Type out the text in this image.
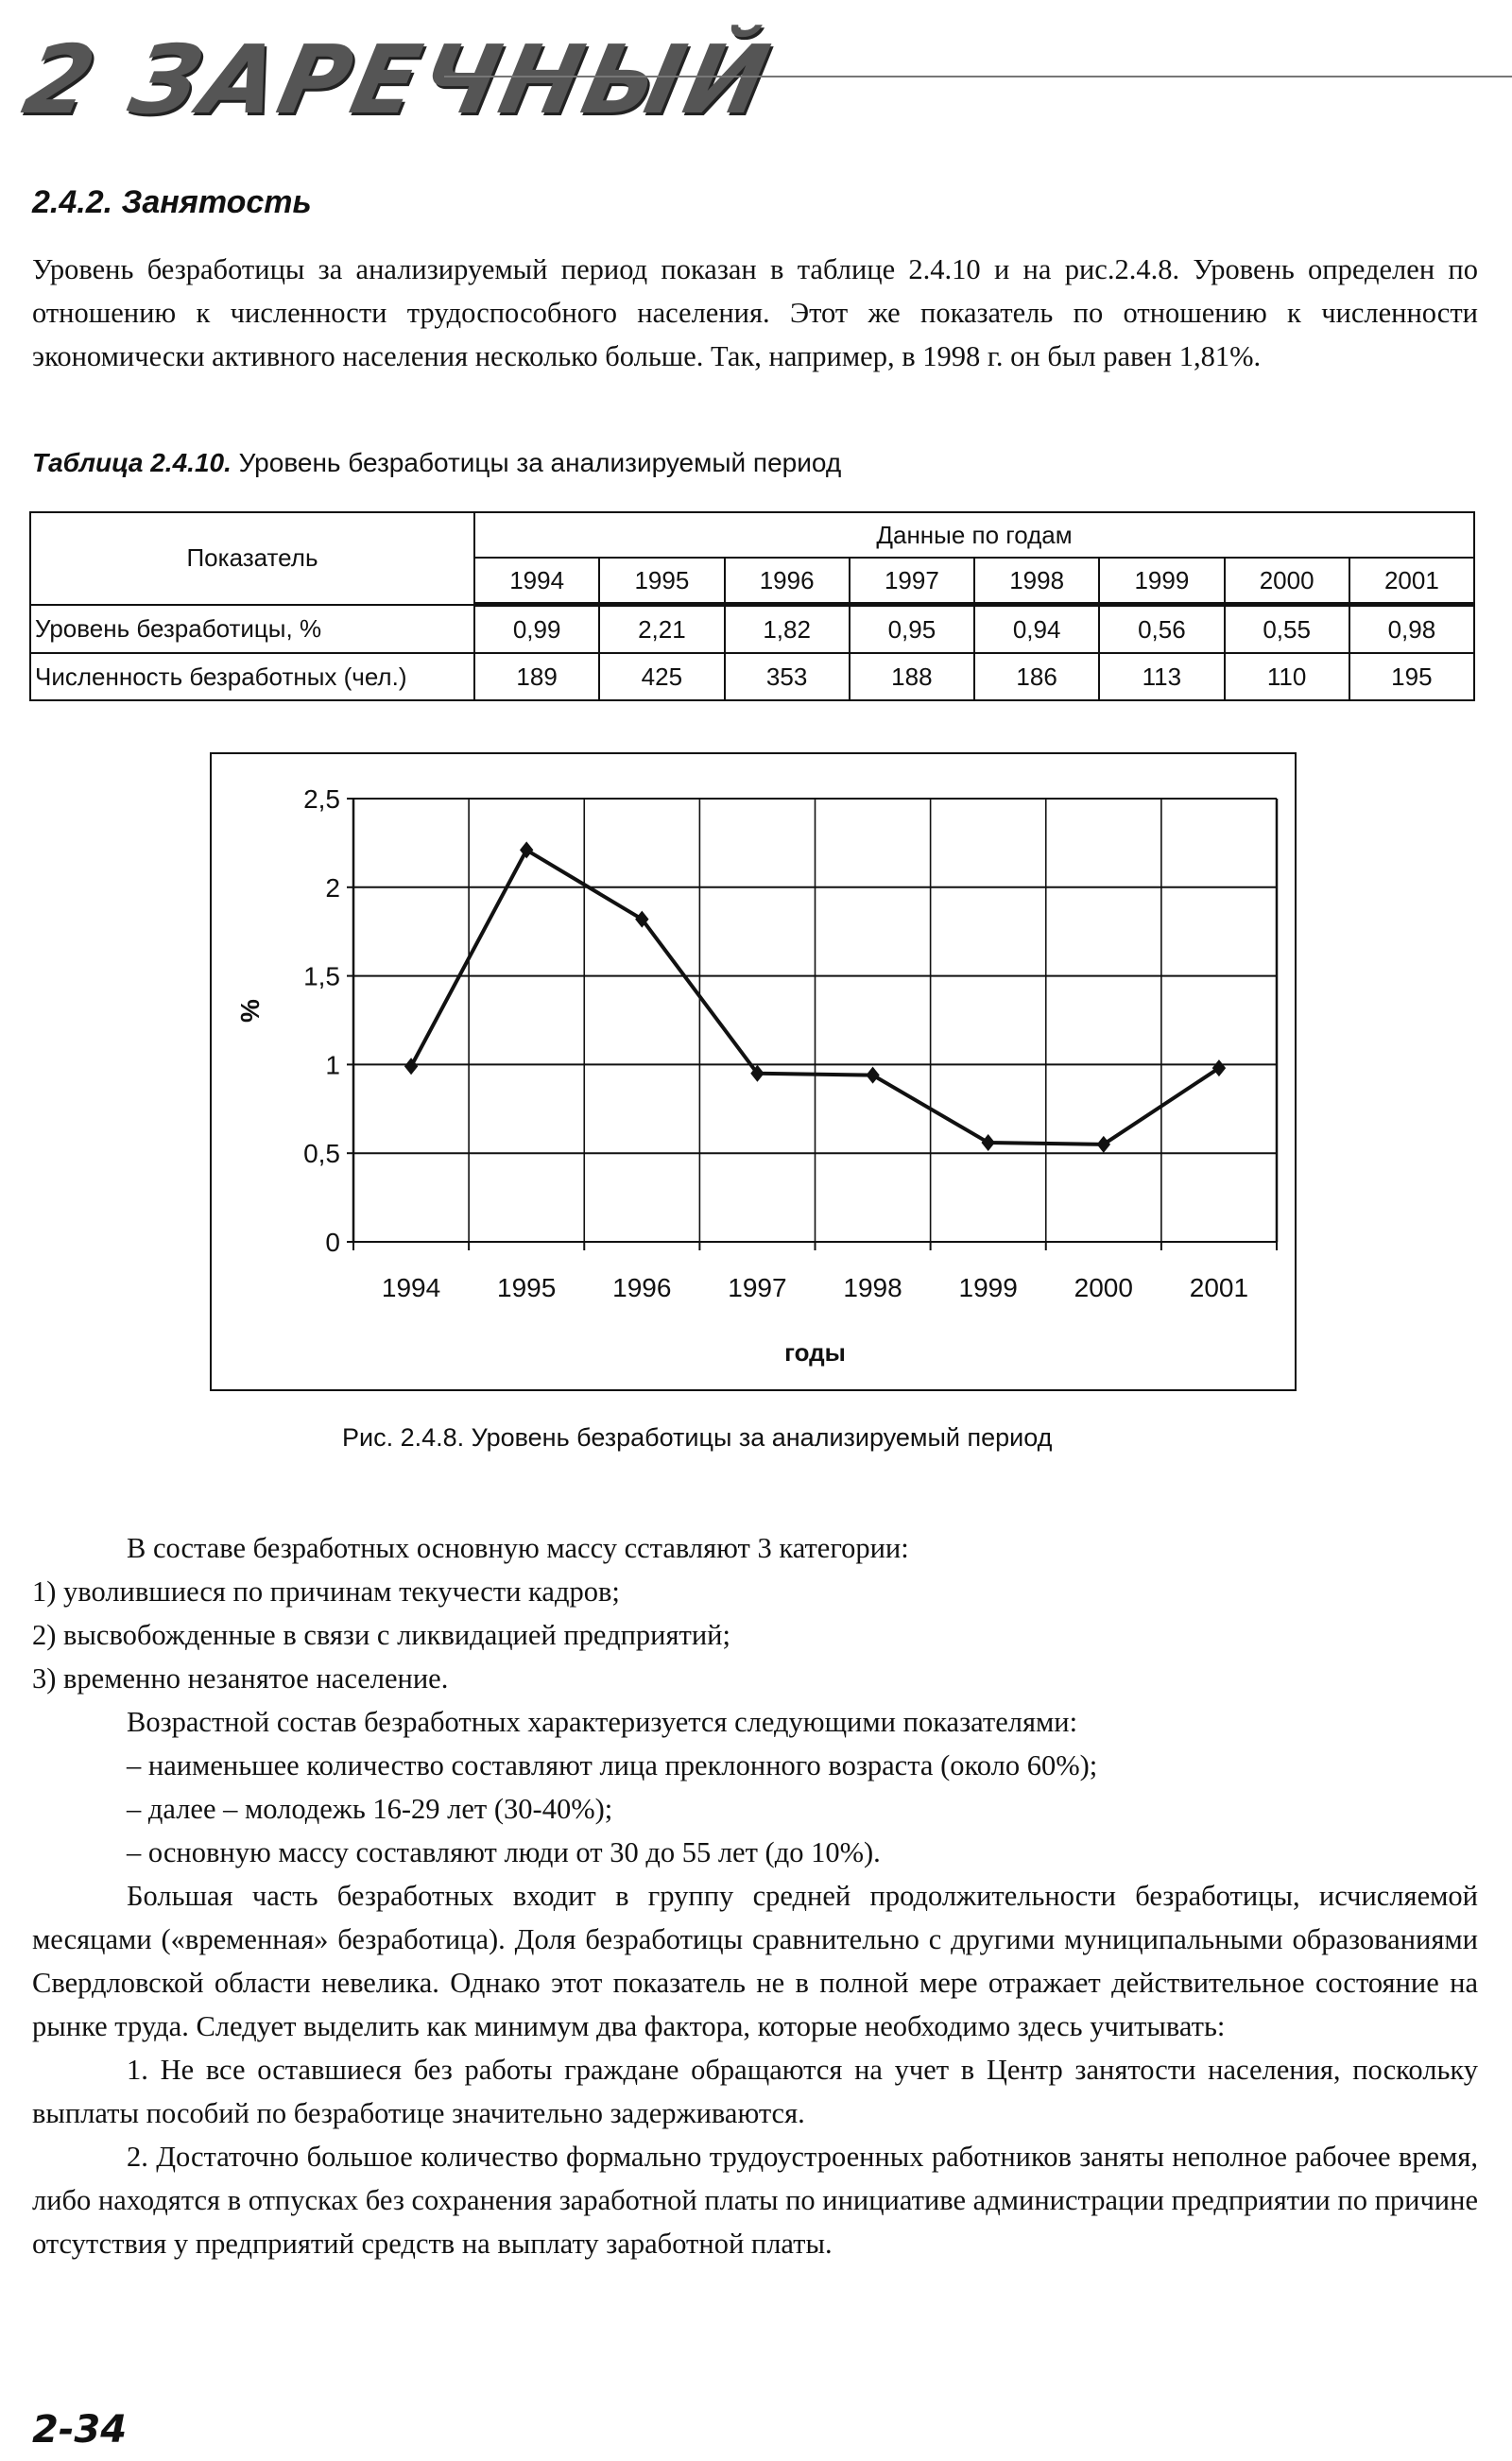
2 ЗАРЕЧНЫЙ
2.4.2. Занятость

Уровень безработицы за анализируемый период показан в таблице 2.4.10 и на рис.2.4.8. Уровень определен по отношению к численности трудоспособного населения. Этот же показатель по отношению к численности экономически активного населения несколько больше. Так, например, в 1998 г. он был равен 1,81%.

Таблица 2.4.10. Уровень безработицы за анализируемый период
Показатель	Данные по годам							
	1994	1995	1996	1997	1998	1999	2000	2001
Уровень безработицы, %	0,99	2,21	1,82	0,95	0,94	0,56	0,55	0,98
Численность безработных (чел.)	189	425	353	188	186	113	110	195
0
0,5
1
1,5
2
2,5
1994 1995 1996 1997 1998 1999 2000 2001
годы
%
Рис. 2.4.8. Уровень безработицы за анализируемый период

В составе безработных основную массу сставляют 3 категории:

1) уволившиеся по причинам текучести кадров;

2) высвобожденные в связи с ликвидацией предприятий;

3) временно незанятое население.

Возрастной состав безработных характеризуется следующими показателями:

– наименьшее количество составляют лица преклонного возраста (около 60%);

– далее – молодежь 16-29 лет (30-40%);

– основную массу составляют люди от 30 до 55 лет (до 10%).

Большая часть безработных входит в группу средней продолжительности безработицы, исчисляемой месяцами («временная» безработица). Доля безработицы сравнительно с другими муниципальными образованиями Свердловской области невелика. Однако этот показатель не в полной мере отражает действительное состояние на рынке труда. Следует выделить как минимум два фактора, которые необходимо здесь учитывать:

1. Не все оставшиеся без работы граждане обращаются на учет в Центр занятости населения, поскольку выплаты пособий по безработице значительно задерживаются.

2. Достаточно большое количество формально трудоустроенных работников заняты неполное рабочее время, либо находятся в отпусках без сохранения заработной платы по инициативе администрации предприятии по причине отсутствия у предприятий средств на выплату заработной платы.

2-34
